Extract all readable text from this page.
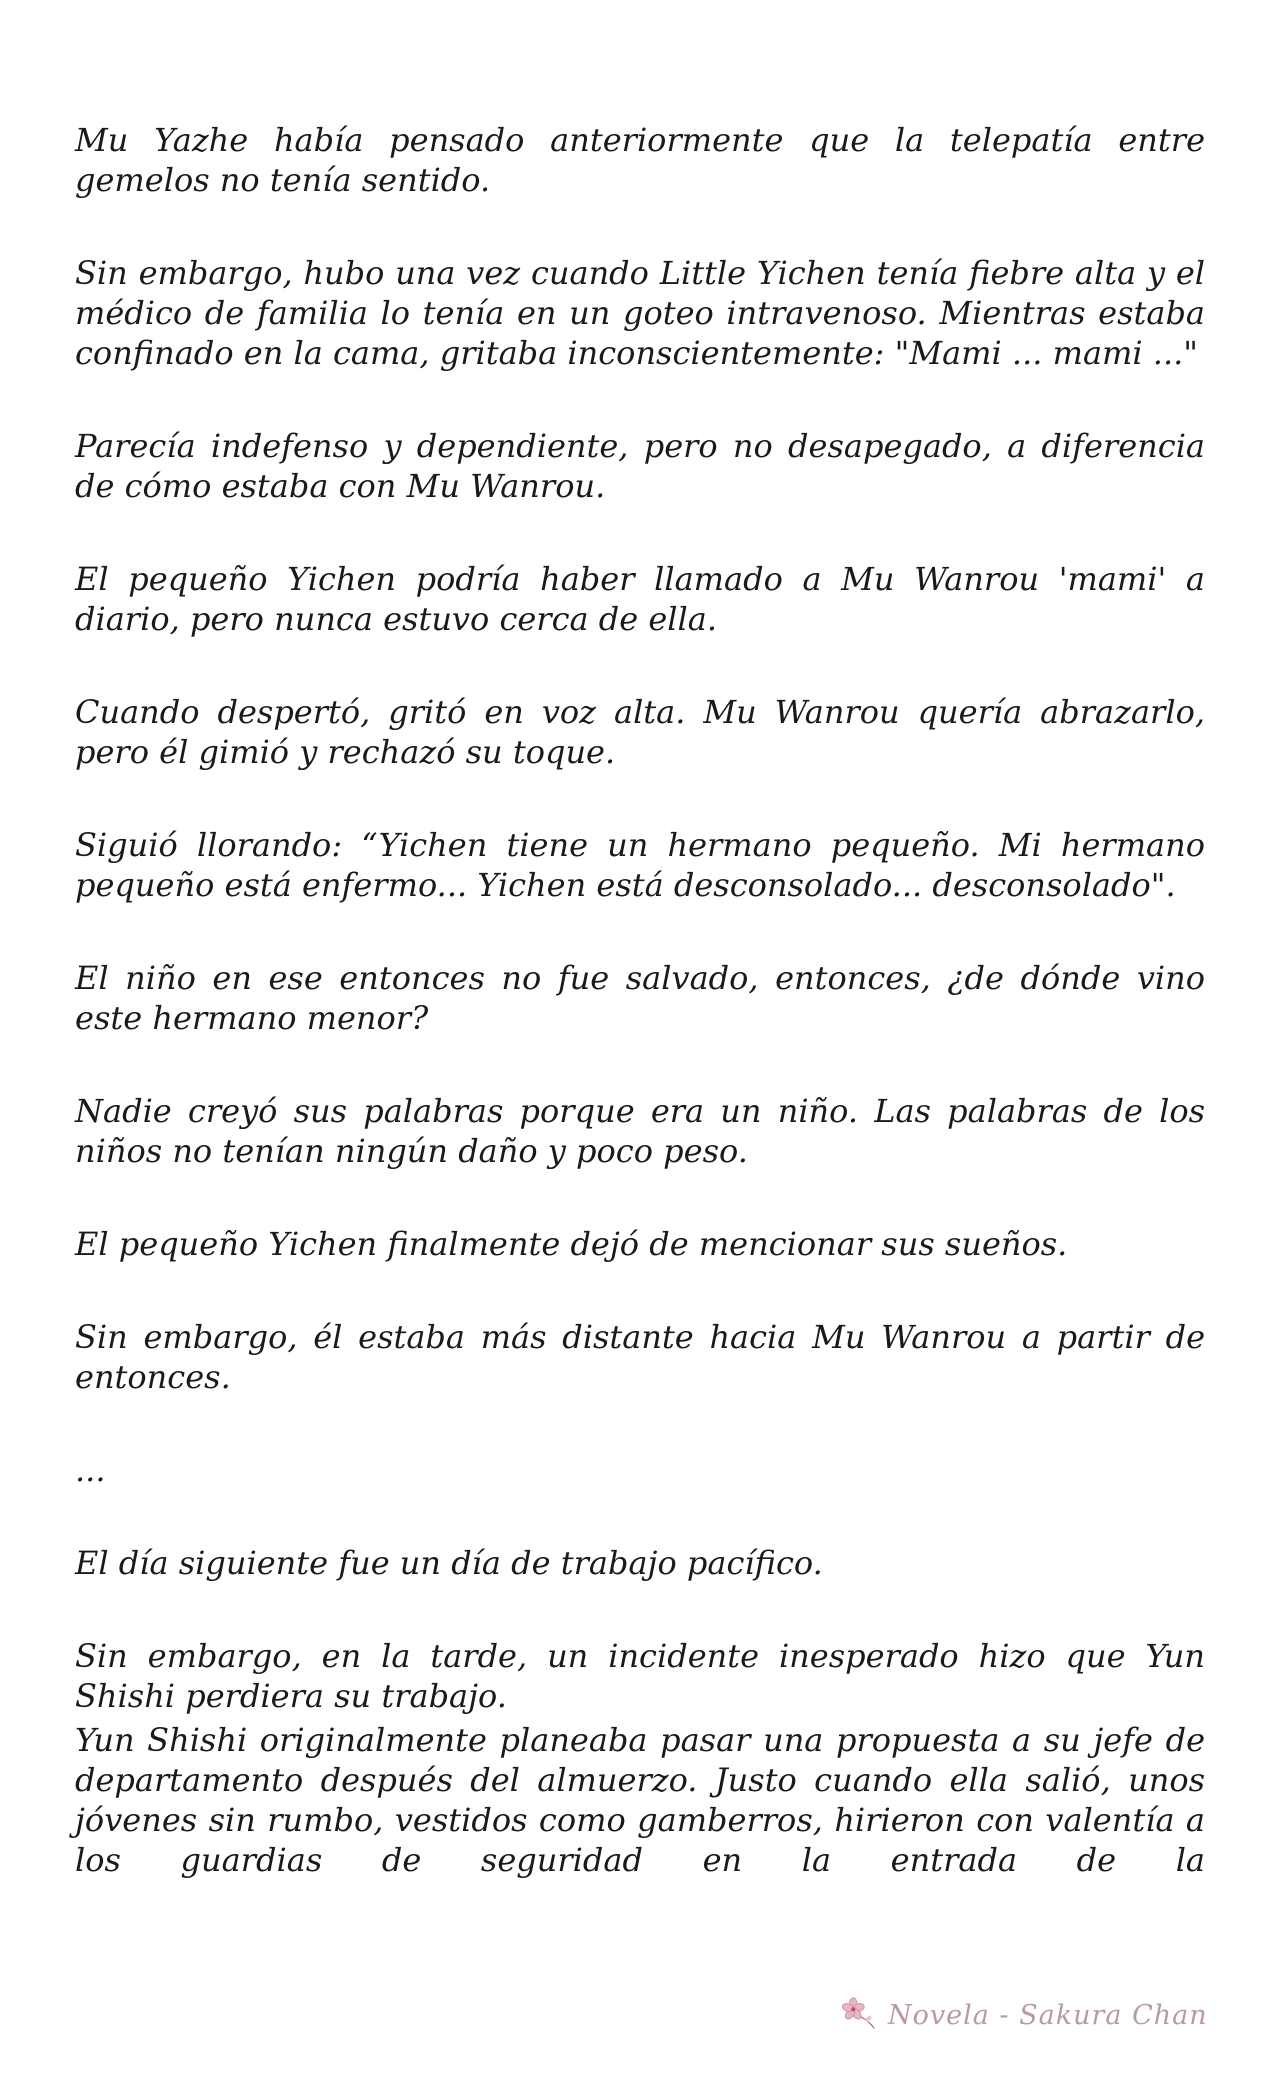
Mu Yazhe había pensado anteriormente que la telepatía entre gemelos no tenía sentido.

Sin embargo, hubo una vez cuando Little Yichen tenía fiebre alta y el médico de familia lo tenía en un goteo intravenoso. Mientras estaba confinado en la cama, gritaba inconscientemente: "Mami ... mami ..."

Parecía indefenso y dependiente, pero no desapegado, a diferencia de cómo estaba con Mu Wanrou.

El pequeño Yichen podría haber llamado a Mu Wanrou 'mami' a diario, pero nunca estuvo cerca de ella.

Cuando despertó, gritó en voz alta. Mu Wanrou quería abrazarlo, pero él gimió y rechazó su toque.

Siguió llorando: “Yichen tiene un hermano pequeño. Mi hermano pequeño está enfermo... Yichen está desconsolado... desconsolado".

El niño en ese entonces no fue salvado, entonces, ¿de dónde vino este hermano menor?

Nadie creyó sus palabras porque era un niño. Las palabras de los niños no tenían ningún daño y poco peso.

El pequeño Yichen finalmente dejó de mencionar sus sueños.

Sin embargo, él estaba más distante hacia Mu Wanrou a partir de entonces.

...

El día siguiente fue un día de trabajo pacífico.

Sin embargo, en la tarde, un incidente inesperado hizo que Yun Shishi perdiera su trabajo.

Yun Shishi originalmente planeaba pasar una propuesta a su jefe de departamento después del almuerzo. Justo cuando ella salió, unos jóvenes sin rumbo, vestidos como gamberros, hirieron con valentía a los guardias de seguridad en la entrada de la

Novela - Sakura Chan
